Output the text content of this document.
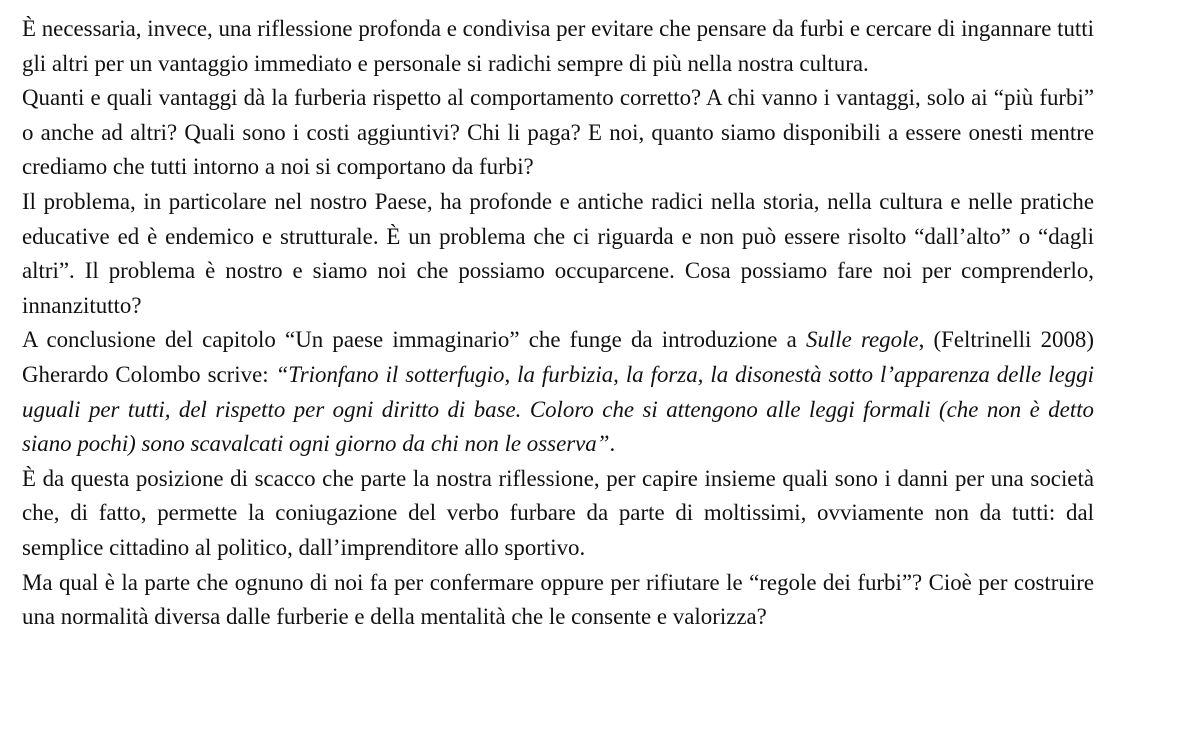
È necessaria, invece, una riflessione profonda e condivisa per evitare che pensare da furbi e cercare di ingannare tutti gli altri per un vantaggio immediato e personale si radichi sempre di più nella nostra cultura.

Quanti e quali vantaggi dà la furberia rispetto al comportamento corretto? A chi vanno i vantaggi, solo ai “più furbi” o anche ad altri? Quali sono i costi aggiuntivi? Chi li paga? E noi, quanto siamo disponibili a essere onesti mentre crediamo che tutti intorno a noi si comportano da furbi?

Il problema, in particolare nel nostro Paese, ha profonde e antiche radici nella storia, nella cultura e nelle pratiche educative ed è endemico e strutturale. È un problema che ci riguarda e non può essere risolto “dall’alto” o “dagli altri”. Il problema è nostro e siamo noi che possiamo occuparcene. Cosa possiamo fare noi per comprenderlo, innanzitutto?

A conclusione del capitolo “Un paese immaginario” che funge da introduzione a Sulle regole, (Feltrinelli 2008) Gherardo Colombo scrive: “Trionfano il sotterfugio, la furbizia, la forza, la disonestà sotto l’apparenza delle leggi uguali per tutti, del rispetto per ogni diritto di base. Coloro che si attengono alle leggi formali (che non è detto siano pochi) sono scavalcati ogni giorno da chi non le osserva”.

È da questa posizione di scacco che parte la nostra riflessione, per capire insieme quali sono i danni per una società che, di fatto, permette la coniugazione del verbo furbare da parte di moltissimi, ovviamente non da tutti: dal semplice cittadino al politico, dall’imprenditore allo sportivo.

Ma qual è la parte che ognuno di noi fa per confermare oppure per rifiutare le “regole dei furbi”? Cioè per costruire una normalità diversa dalle furberie e della mentalità che le consente e valorizza?
